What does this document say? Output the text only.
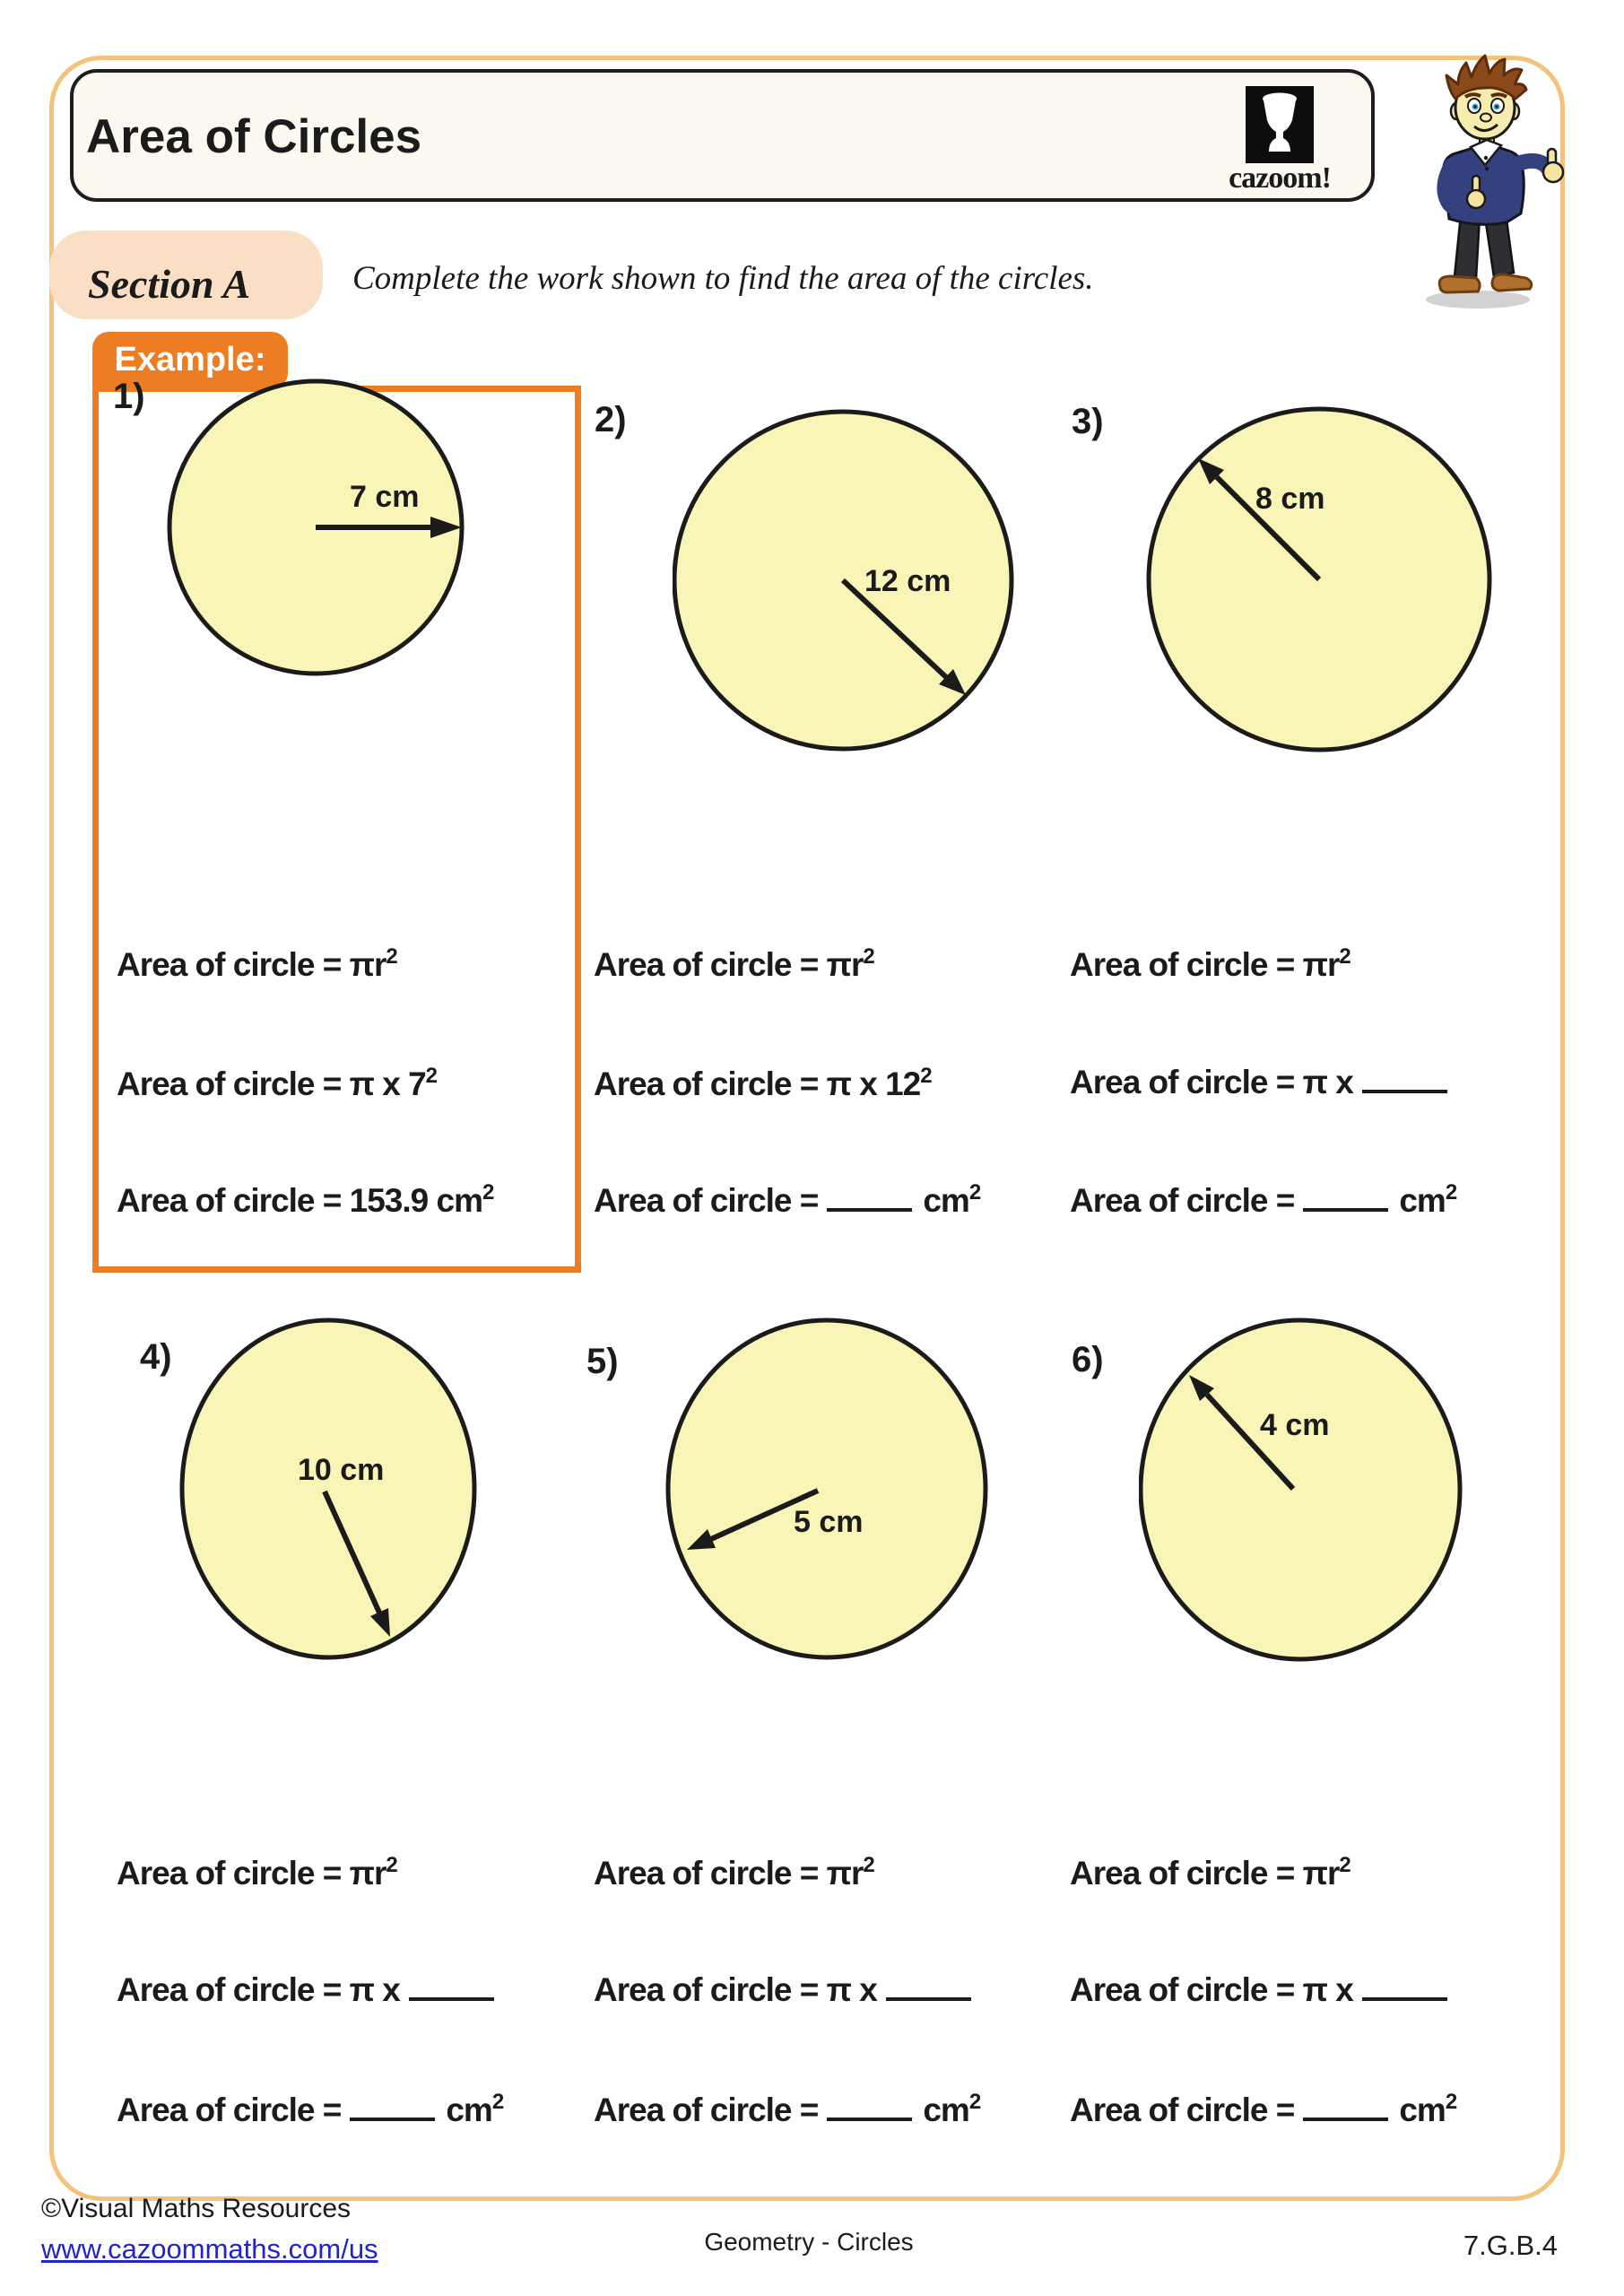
Area of Circles
cazoom!
Section A	Complete the work shown to find the area of the circles.
Example:
1)
2)	3)
4)	5)	6)
7 cm
12 cm
8 cm
10 cm
5 cm
4 cm
Area of circle = $\pi r^2$
Area of circle = π x $7^2$
Area of circle = 153.9 $cm^2$
Area of circle = $\pi r^2$
Area of circle = π x $12^2$
Area of circle =	$cm^2$
Area of circle = $\pi r^2$
Area of circle = π x
Area of circle =	$cm^2$
Area of circle = $\pi r^2$
Area of circle = π x
Area of circle =	$cm^2$
Area of circle = $\pi r^2$
Area of circle = π x
Area of circle =	$cm^2$
Area of circle = $\pi r^2$
Area of circle = π x
Area of circle =	$cm^2$
©Visual Maths Resources
www.cazoommaths.com/us	Geometry - Circles	7.G.B.4
